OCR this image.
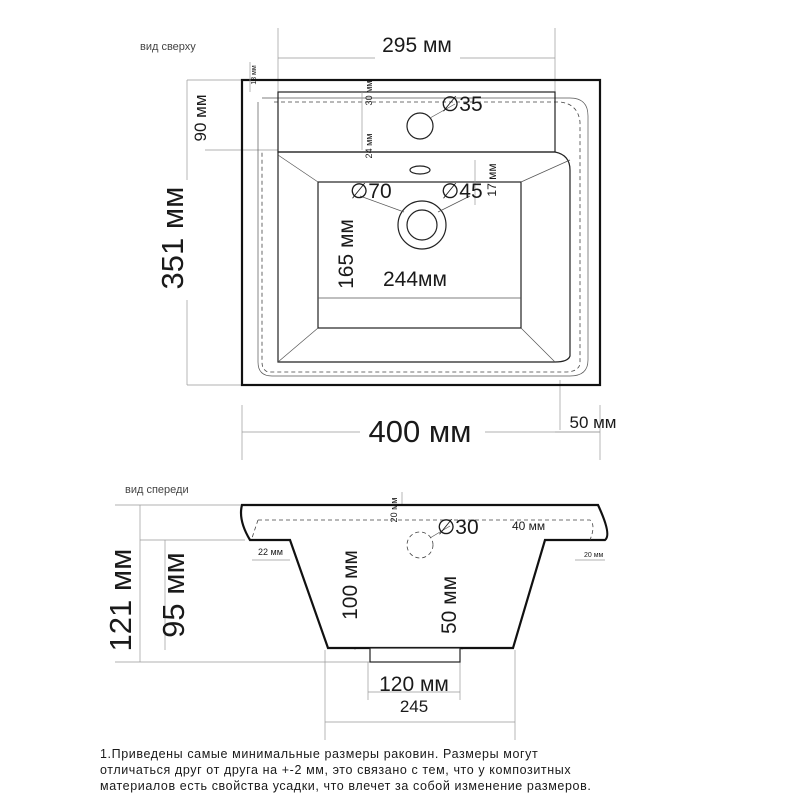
вид сверху	295 мм
351 мм
90 мм
13 мм
30 мм
24 мм
∅35
17 мм
∅70 ∅45
165 мм 244мм
400 мм	50 мм
вид спереди
20 мм
∅30	40 мм
22 мм	20 мм
121 мм 95 мм	100 мм	50 мм
120 мм
245
1.Приведены самые минимальные размеры раковин. Размеры могут
отличаться друг от друга на +-2 мм, это связано с тем, что у композитных
материалов есть свойства усадки, что влечет за собой изменение размеров.
